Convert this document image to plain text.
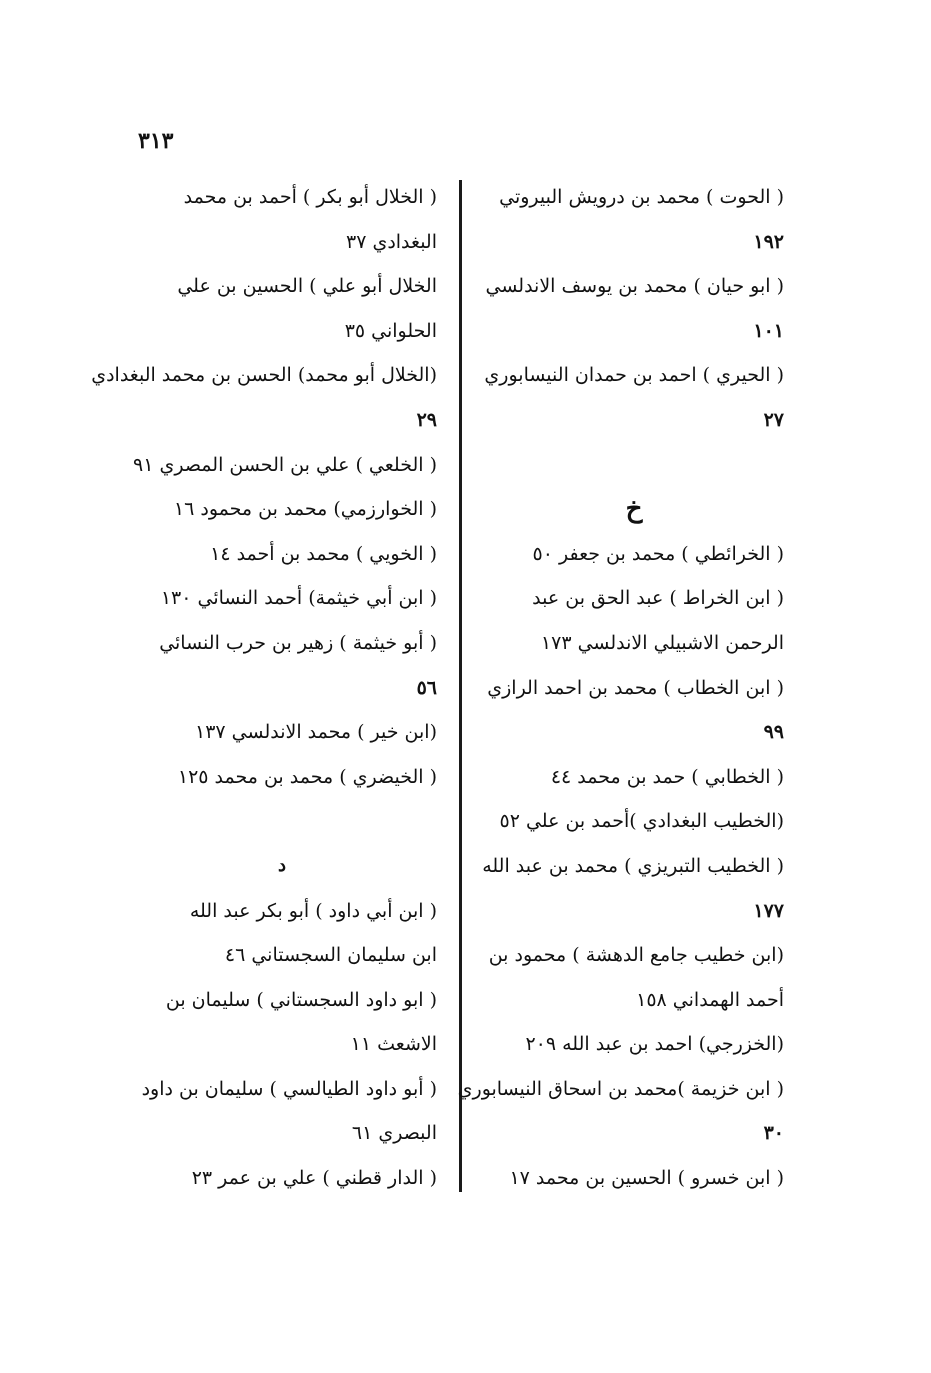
٣١٣
( الحوت ) محمد بن درويش البيروتي
١٩٢
( ابو حيان ) محمد بن يوسف الاندلسي
١٠١
( الحيري ) احمد بن حمدان النيسابوري
٢٧
خ
( الخرائطي ) محمد بن جعفر ٥٠
( ابن الخراط ) عبد الحق بن عبد
الرحمن الاشبيلي الاندلسي ١٧٣
( ابن الخطاب ) محمد بن احمد الرازي
٩٩
( الخطابي ) حمد بن محمد ٤٤
(الخطيب البغدادي )أحمد بن علي ٥٢
( الخطيب التبريزي ) محمد بن عبد الله
١٧٧
(ابن خطيب جامع الدهشة ) محمود بن
أحمد الهمداني ١٥٨
(الخزرجي) احمد بن عبد الله ٢٠٩
( ابن خزيمة )محمد بن اسحاق النيسابوري
٣٠
( ابن خسرو ) الحسين بن محمد ١٧
( الخلال أبو بكر ) أحمد بن محمد
البغدادي ٣٧
الخلال أبو علي ) الحسين بن علي
الحلواني ٣٥
(الخلال أبو محمد) الحسن بن محمد البغدادي
٢٩
( الخلعي ) علي بن الحسن المصري ٩١
( الخوارزمي) محمد بن محمود ١٦
( الخويي ) محمد بن أحمد ١٤
( ابن أبي خيثمة) أحمد النسائي ١٣٠
( أبو خيثمة ) زهير بن حرب النسائي
٥٦
(ابن خير ) محمد الاندلسي ١٣٧
( الخيضري ) محمد بن محمد ١٢٥
د
( ابن أبي داود ) أبو بكر عبد الله
ابن سليمان السجستاني ٤٦
( ابو داود السجستاني ) سليمان بن
الاشعث ١١
( أبو داود الطيالسي ) سليمان بن داود
البصري ٦١
( الدار قطني ) علي بن عمر ٢٣
